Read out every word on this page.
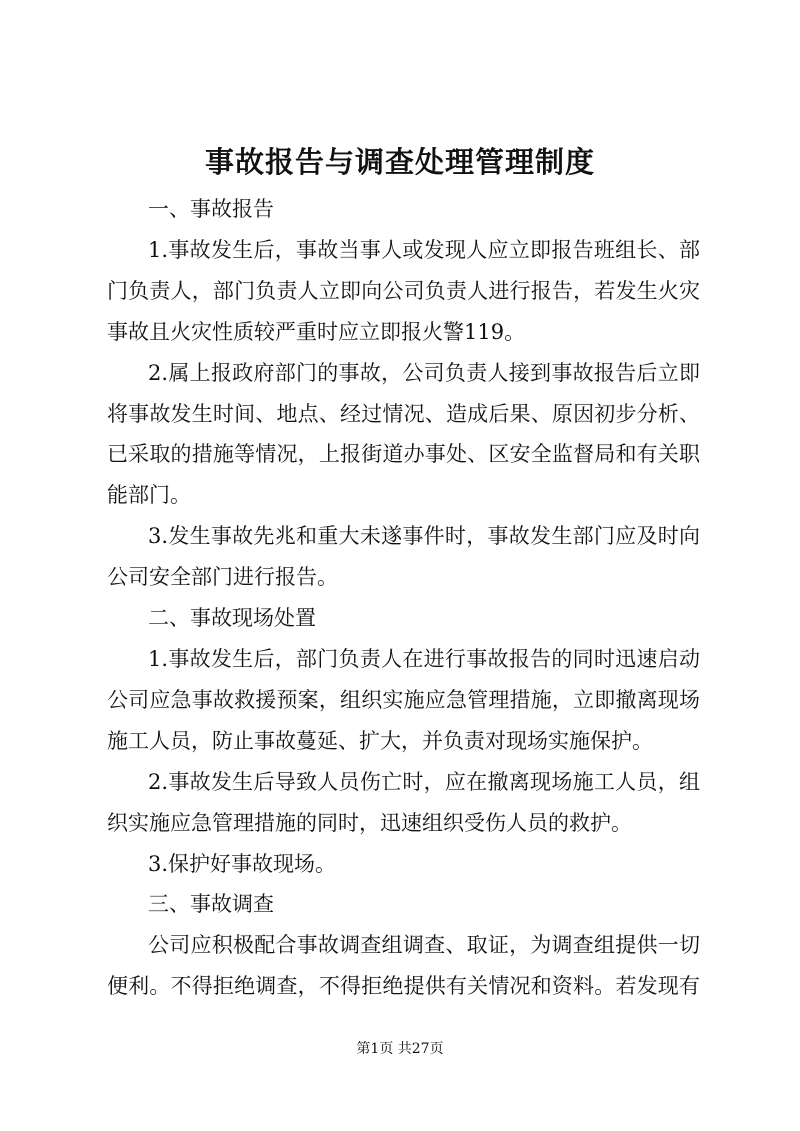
事故报告与调查处理管理制度
一、事故报告
1.事故发生后，事故当事人或发现人应立即报告班组长、部
门负责人，部门负责人立即向公司负责人进行报告，若发生火灾
事故且火灾性质较严重时应立即报火警119。
2.属上报政府部门的事故，公司负责人接到事故报告后立即
将事故发生时间、地点、经过情况、造成后果、原因初步分析、
已采取的措施等情况，上报街道办事处、区安全监督局和有关职
能部门。
3.发生事故先兆和重大未遂事件时，事故发生部门应及时向
公司安全部门进行报告。
二、事故现场处置
1.事故发生后，部门负责人在进行事故报告的同时迅速启动
公司应急事故救援预案，组织实施应急管理措施，立即撤离现场
施工人员，防止事故蔓延、扩大，并负责对现场实施保护。
2.事故发生后导致人员伤亡时，应在撤离现场施工人员，组
织实施应急管理措施的同时，迅速组织受伤人员的救护。
3.保护好事故现场。
三、事故调查
公司应积极配合事故调查组调查、取证，为调查组提供一切
便利。不得拒绝调查，不得拒绝提供有关情况和资料。若发现有
第1页 共27页
